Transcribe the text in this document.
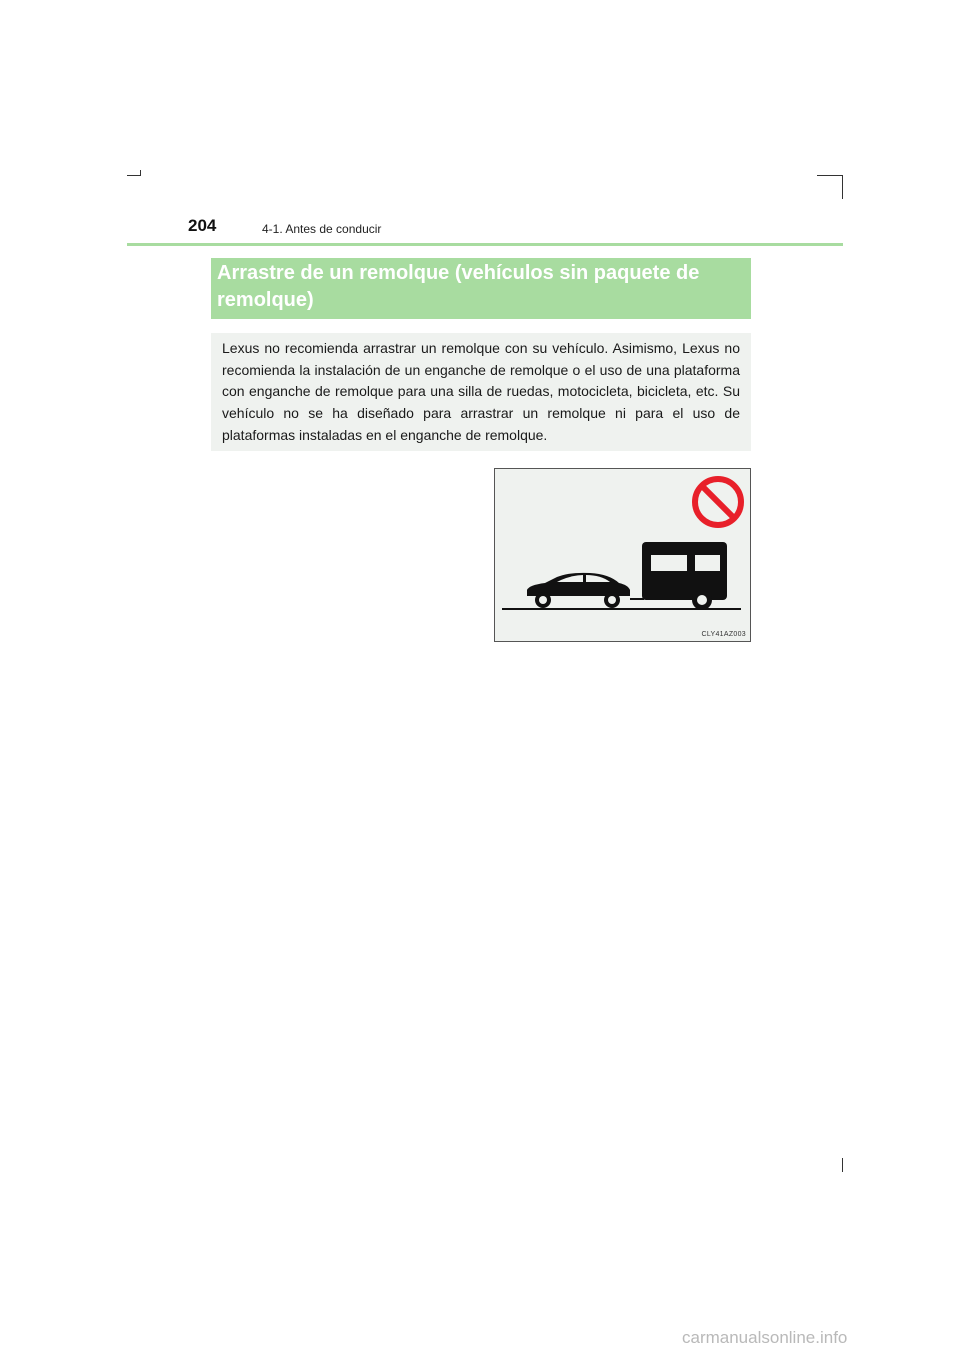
204	4-1. Antes de conducir
Arrastre de un remolque (vehículos sin paquete de remolque)
Lexus no recomienda arrastrar un remolque con su vehículo. Asimismo, Lexus no recomienda la instalación de un enganche de remolque o el uso de una plataforma con enganche de remolque para una silla de ruedas, motocicleta, bicicleta, etc. Su vehículo no se ha diseñado para arrastrar un remolque ni para el uso de plataformas instaladas en el enganche de remolque.
CLY41AZ003
carmanualsonline.info
